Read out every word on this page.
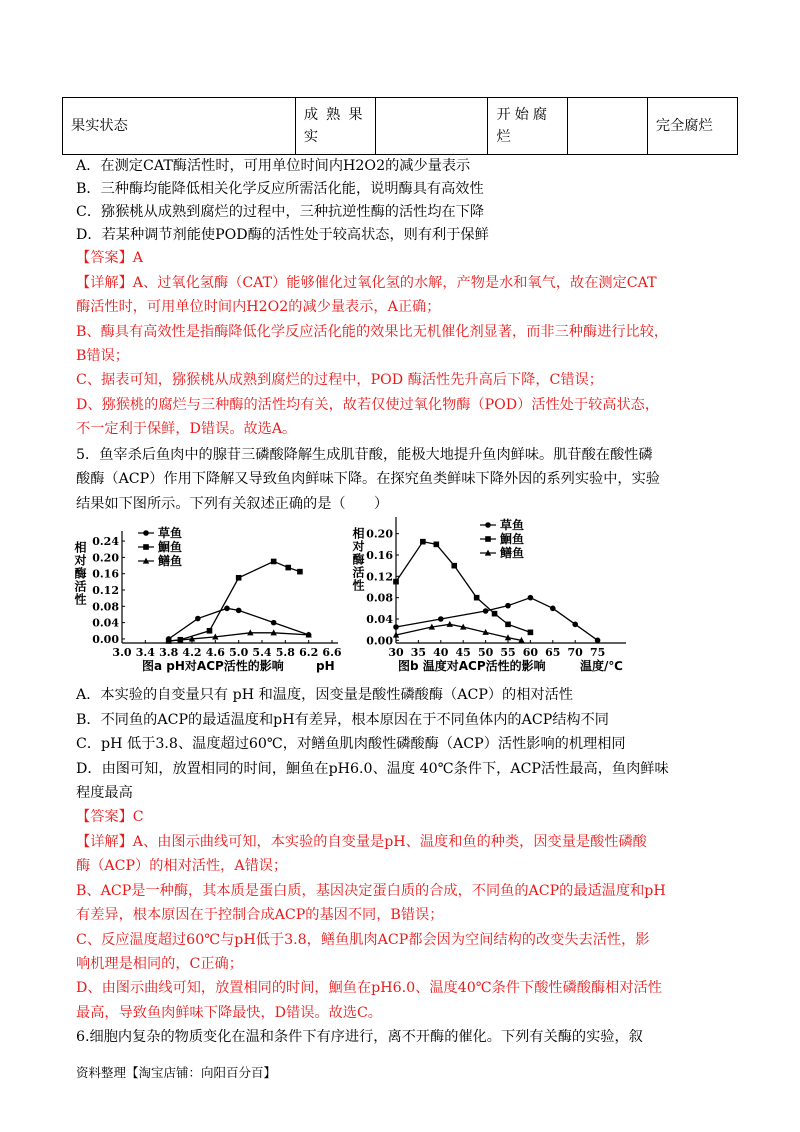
果实状态	成熟果实		开始腐烂		完全腐烂
A．在测定CAT酶活性时，可用单位时间内H2O2的减少量表示
B．三种酶均能降低相关化学反应所需活化能，说明酶具有高效性
C．猕猴桃从成熟到腐烂的过程中，三种抗逆性酶的活性均在下降
D．若某种调节剂能使POD酶的活性处于较高状态，则有利于保鲜
【答案】A
【详解】A、过氧化氢酶（CAT）能够催化过氧化氢的水解，产物是水和氧气，故在测定CAT
酶活性时，可用单位时间内H2O2的减少量表示，A正确；
B、酶具有高效性是指酶降低化学反应活化能的效果比无机催化剂显著，而非三种酶进行比较，
B错误；
C、据表可知，猕猴桃从成熟到腐烂的过程中，POD 酶活性先升高后下降，C错误；
D、猕猴桃的腐烂与三种酶的活性均有关，故若仅使过氧化物酶（POD）活性处于较高状态，
不一定利于保鲜，D错误。故选A。
5．鱼宰杀后鱼肉中的腺苷三磷酸降解生成肌苷酸，能极大地提升鱼肉鲜味。肌苷酸在酸性磷
酸酶（ACP）作用下降解又导致鱼肉鲜味下降。在探究鱼类鲜味下降外因的系列实验中，实验
结果如下图所示。下列有关叙述正确的是（　　）
0.00
0.04
0.08
0.12
0.16
0.20
0.24
3.0 3.4 3.8 4.2 4.6 5.0 5.4 5.8 6.2 6.6
相对酶活性
pH
图a pH对ACP活性的影响
草鱼
鮰鱼
鳝鱼
0.00
0.04
0.08
0.12
0.16
0.20
30 35 40 45 50 55 60 65 70 75
相对酶活性
温度/℃
图b 温度对ACP活性的影响
草鱼
鮰鱼
鳝鱼
A．本实验的自变量只有 pH 和温度，因变量是酸性磷酸酶（ACP）的相对活性
B．不同鱼的ACP的最适温度和pH有差异，根本原因在于不同鱼体内的ACP结构不同
C．pH 低于3.8、温度超过60℃，对鳝鱼肌肉酸性磷酸酶（ACP）活性影响的机理相同
D．由图可知，放置相同的时间，鮰鱼在pH6.0、温度 40℃条件下，ACP活性最高，鱼肉鲜味
程度最高
【答案】C
【详解】A、由图示曲线可知，本实验的自变量是pH、温度和鱼的种类，因变量是酸性磷酸
酶（ACP）的相对活性，A错误；
B、ACP是一种酶，其本质是蛋白质，基因决定蛋白质的合成，不同鱼的ACP的最适温度和pH
有差异，根本原因在于控制合成ACP的基因不同，B错误；
C、反应温度超过60℃与pH低于3.8，鳝鱼肌肉ACP都会因为空间结构的改变失去活性，影
响机理是相同的，C正确；
D、由图示曲线可知，放置相同的时间，鮰鱼在pH6.0、温度40℃条件下酸性磷酸酶相对活性
最高，导致鱼肉鲜味下降最快，D错误。故选C。
6.细胞内复杂的物质变化在温和条件下有序进行，离不开酶的催化。下列有关酶的实验，叙
资料整理【淘宝店铺：向阳百分百】
